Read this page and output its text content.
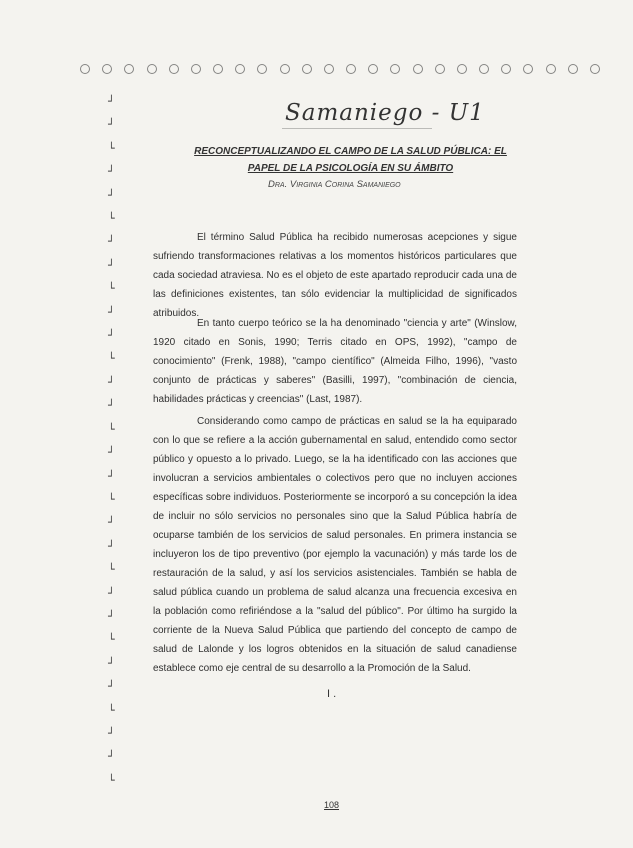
┘
┘
└
┘
┘
└
┘
┘
└
┘
┘
└
┘
┘
└
┘
┘
└
┘
┘
└
┘
┘
└
┘
┘
└
┘
┘
└
Samaniego - U1
RECONCEPTUALIZANDO EL CAMPO DE LA SALUD PÚBLICA: EL PAPEL DE LA PSICOLOGÍA EN SU ÁMBITO

Dra. Virginia Corina Samaniego

El término Salud Pública ha recibido numerosas acepciones y sigue sufriendo transformaciones relativas a los momentos históricos particulares que cada sociedad atraviesa. No es el objeto de este apartado reproducir cada una de las definiciones existentes, tan sólo evidenciar la multiplicidad de significados atribuidos.

En tanto cuerpo teórico se la ha denominado "ciencia y arte" (Winslow, 1920 citado en Sonis, 1990; Terris citado en OPS, 1992), "campo de conocimiento" (Frenk, 1988), "campo científico" (Almeida Filho, 1996), "vasto conjunto de prácticas y saberes" (Basilli, 1997), "combinación de ciencia, habilidades prácticas y creencias" (Last, 1987).

Considerando como campo de prácticas en salud se la ha equiparado con lo que se refiere a la acción gubernamental en salud, entendido como sector público y opuesto a lo privado. Luego, se la ha identificado con las acciones que involucran a servicios ambientales o colectivos pero que no incluyen acciones específicas sobre individuos. Posteriormente se incorporó a su concepción la idea de incluir no sólo servicios no personales sino que la Salud Pública habría de ocuparse también de los servicios de salud personales. En primera instancia se incluyeron los de tipo preventivo (por ejemplo la vacunación) y más tarde los de restauración de la salud, y así los servicios asistenciales. También se habla de salud pública cuando un problema de salud alcanza una frecuencia excesiva en la población como refiriéndose a la "salud del público". Por último ha surgido la corriente de la Nueva Salud Pública que partiendo del concepto de campo de salud de Lalonde y los logros obtenidos en la situación de salud canadiense establece como eje central de su desarrollo a la Promoción de la Salud.

I .

108
